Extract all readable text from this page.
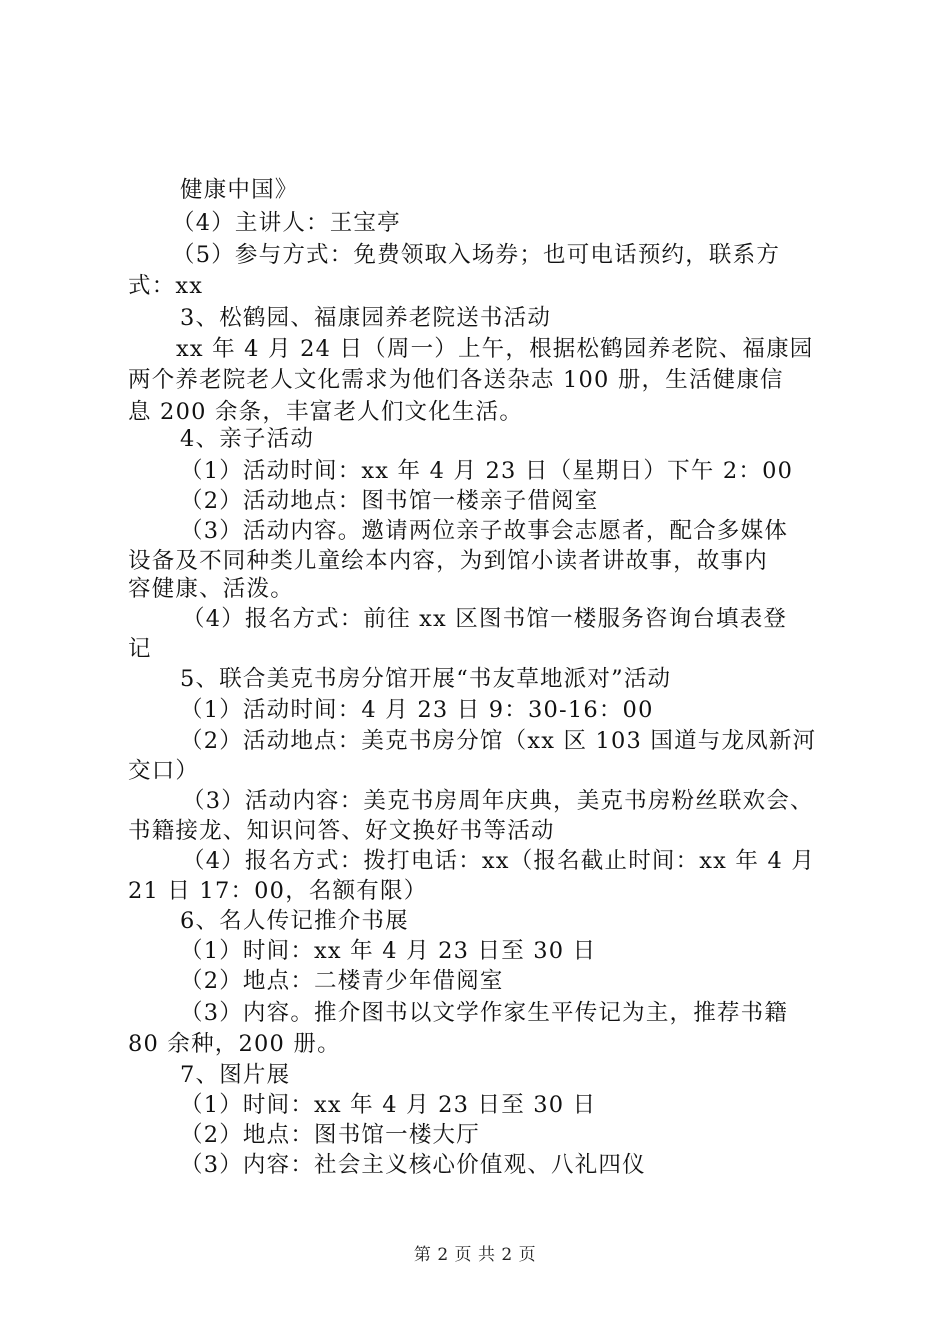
健康中国》
（4）主讲人：王宝亭
（5）参与方式：免费领取入场券；也可电话预约，联系方
式：xx
3、松鹤园、福康园养老院送书活动
xx 年 4 月 24 日（周一）上午，根据松鹤园养老院、福康园
两个养老院老人文化需求为他们各送杂志 100 册，生活健康信
息 200 余条，丰富老人们文化生活。
4、亲子活动
（1）活动时间：xx 年 4 月 23 日（星期日）下午 2：00
（2）活动地点：图书馆一楼亲子借阅室
（3）活动内容。邀请两位亲子故事会志愿者，配合多媒体
设备及不同种类儿童绘本内容，为到馆小读者讲故事，故事内
容健康、活泼。
（4）报名方式：前往 xx 区图书馆一楼服务咨询台填表登
记
5、联合美克书房分馆开展“书友草地派对”活动
（1）活动时间：4 月 23 日 9：30-16：00
（2）活动地点：美克书房分馆（xx 区 103 国道与龙凤新河
交口）
（3）活动内容：美克书房周年庆典，美克书房粉丝联欢会、
书籍接龙、知识问答、好文换好书等活动
（4）报名方式：拨打电话：xx（报名截止时间：xx 年 4 月
21 日 17：00，名额有限）
6、名人传记推介书展
（1）时间：xx 年 4 月 23 日至 30 日
（2）地点：二楼青少年借阅室
（3）内容。推介图书以文学作家生平传记为主，推荐书籍
80 余种，200 册。
7、图片展
（1）时间：xx 年 4 月 23 日至 30 日
（2）地点：图书馆一楼大厅
（3）内容：社会主义核心价值观、八礼四仪
第 2 页 共 2 页
